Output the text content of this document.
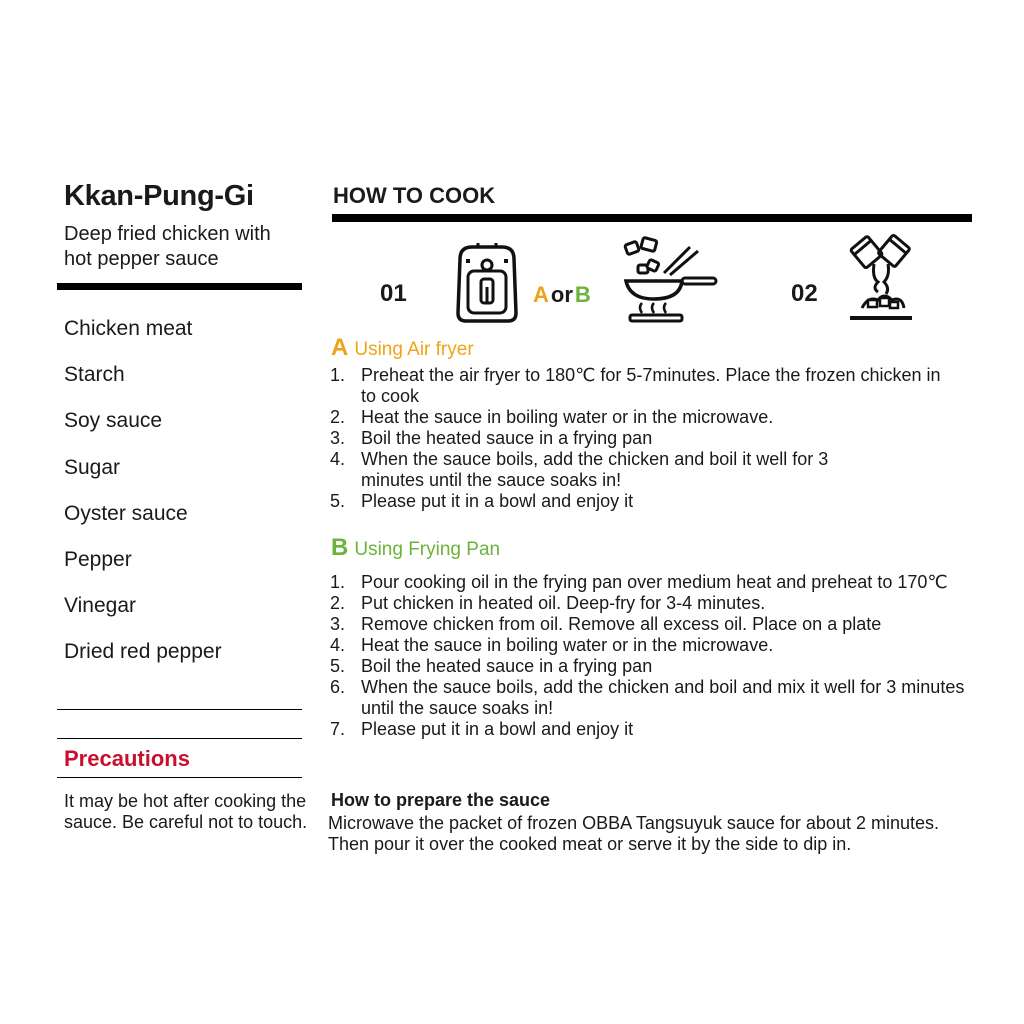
Kkan-Pung-Gi
Deep fried chicken with hot pepper sauce
Chicken meat
Starch
Soy sauce
Sugar
Oyster sauce
Pepper
Vinegar
Dried red pepper
Precautions
It may be hot after cooking the sauce. Be careful not to touch.
HOW TO COOK
01	AorB	02
A Using Air fryer
1. Preheat the air fryer to 180℃ for 5-7minutes. Place the frozen chicken in to cook
2. Heat the sauce in boiling water or in the microwave.
3. Boil the heated sauce in a frying pan
4. When the sauce boils, add the chicken and boil it well for 3 minutes until the sauce soaks in!
5. Please put it in a bowl and enjoy it
B Using Frying Pan
1. Pour cooking oil in the frying pan over medium heat and preheat to 170℃
2. Put chicken in heated oil. Deep-fry for 3-4 minutes.
3. Remove chicken from oil. Remove all excess oil. Place on a plate
4. Heat the sauce in boiling water or in the microwave.
5. Boil the heated sauce in a frying pan
6. When the sauce boils, add the chicken and boil and mix it well for 3 minutes until the sauce soaks in!
7. Please put it in a bowl and enjoy it
How to prepare the sauce
Microwave the packet of frozen OBBA Tangsuyuk sauce for about 2 minutes. Then pour it over the cooked meat or serve it by the side to dip in.
